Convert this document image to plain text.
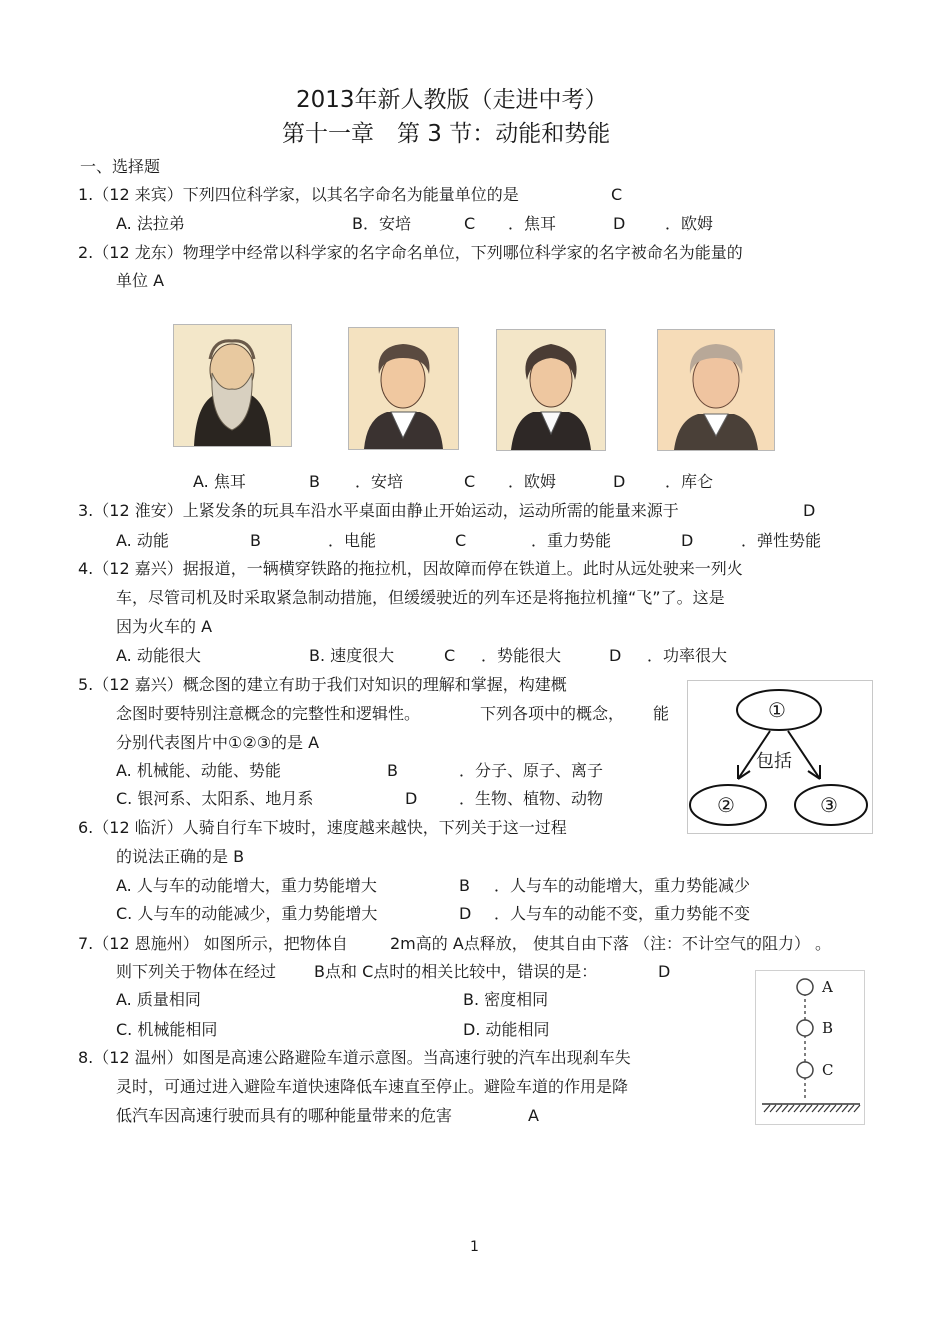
2013年新人教版（走进中考）
第十一章　第 3 节：动能和势能
一、选择题
1.（12 来宾）下列四位科学家，以其名字命名为能量单位的是	C
A. 法拉弟	B．安培	C ．焦耳	D ．欧姆
2.（12 龙东）物理学中经常以科学家的名字命名单位，下列哪位科学家的名字被命名为能量的
单位 A
A. 焦耳	B ．安培	C ．欧姆	D ．库仑
3.（12 淮安）上紧发条的玩具车沿水平桌面由静止开始运动，运动所需的能量来源于	D
A. 动能	B	．电能	C	．重力势能	D	．弹性势能
4.（12 嘉兴）据报道，一辆横穿铁路的拖拉机，因故障而停在铁道上。此时从远处驶来一列火
车，尽管司机及时采取紧急制动措施，但缓缓驶近的列车还是将拖拉机撞“飞”了。这是
因为火车的 A
A. 动能很大	B. 速度很大	C ．势能很大	D ．功率很大
5.（12 嘉兴）概念图的建立有助于我们对知识的理解和掌握，构建概
念图时要特别注意概念的完整性和逻辑性。	下列各项中的概念， 能
分别代表图片中①②③的是 A
A. 机械能、动能、势能	B	．分子、原子、离子
C. 银河系、太阳系、地月系	D	．生物、植物、动物
①
包括
②	③
6.（12 临沂）人骑自行车下坡时，速度越来越快，下列关于这一过程
的说法正确的是 B
A. 人与车的动能增大，重力势能增大	B ．人与车的动能增大，重力势能减少
C. 人与车的动能减少，重力势能增大	D ．人与车的动能不变，重力势能不变
7.（12 恩施州） 如图所示，把物体自	2m高的 A点释放， 使其自由下落 （注：不计空气的阻力） 。
则下列关于物体在经过 B点和 C点时的相关比较中，错误的是：	D
A. 质量相同	B. 密度相同
C. 机械能相同	D. 动能相同
A
B
C
8.（12 温州）如图是高速公路避险车道示意图。当高速行驶的汽车出现刹车失
灵时，可通过进入避险车道快速降低车速直至停止。避险车道的作用是降
低汽车因高速行驶而具有的哪种能量带来的危害	A
1
